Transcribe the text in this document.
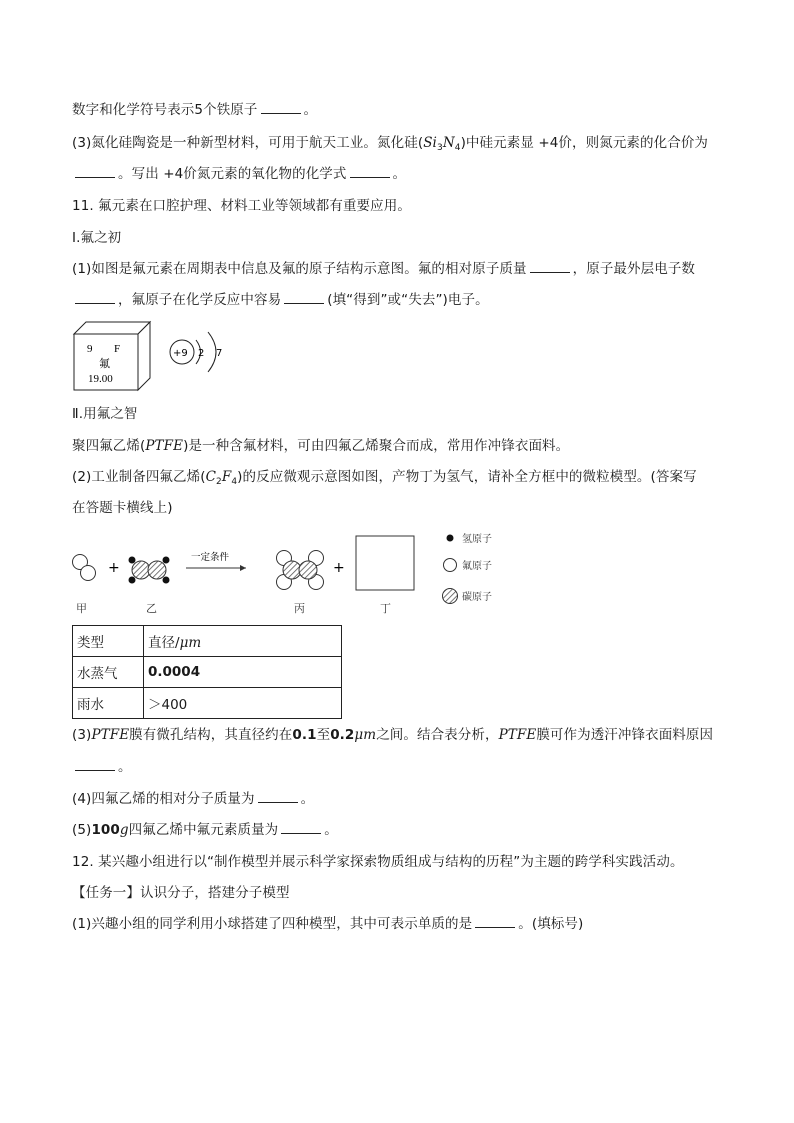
数字和化学符号表示5个铁原子	。
(3)氮化硅陶瓷是一种新型材料，可用于航天工业。氮化硅$(Si_3N_4)$中硅元素显 +4价，则氮元素的化合价为
。写出 +4价氮元素的氧化物的化学式	。
11. 氟元素在口腔护理、材料工业等领域都有重要应用。
Ⅰ.氟之初
(1)如图是氟元素在周期表中信息及氟的原子结构示意图。氟的相对原子质量	，原子最外层电子数
，氟原子在化学反应中容易	(填“得到”或“失去”)电子。
9 F
氟
19.00
+9 2 7
Ⅱ.用氟之智
聚四氟乙烯(PTFE)是一种含氟材料，可由四氟乙烯聚合而成，常用作冲锋衣面料。
(2)工业制备四氟乙烯$(C_2F_4)$的反应微观示意图如图，产物丁为氢气，请补全方框中的微粒模型。(答案写
在答题卡横线上)
+
一定条件
+
甲	乙	丙	丁
氢原子
氟原子
碳原子
类型	直径/μm
水蒸气	0.0004
雨水	＞400
(3)PTFE膜有微孔结构，其直径约在0.1至0.2μm之间。结合表分析，PTFE膜可作为透汗冲锋衣面料原因
。
(4)四氟乙烯的相对分子质量为	。
(5)100g四氟乙烯中氟元素质量为	。
12. 某兴趣小组进行以“制作模型并展示科学家探索物质组成与结构的历程”为主题的跨学科实践活动。
【任务一】认识分子，搭建分子模型
(1)兴趣小组的同学利用小球搭建了四种模型，其中可表示单质的是	。(填标号)
